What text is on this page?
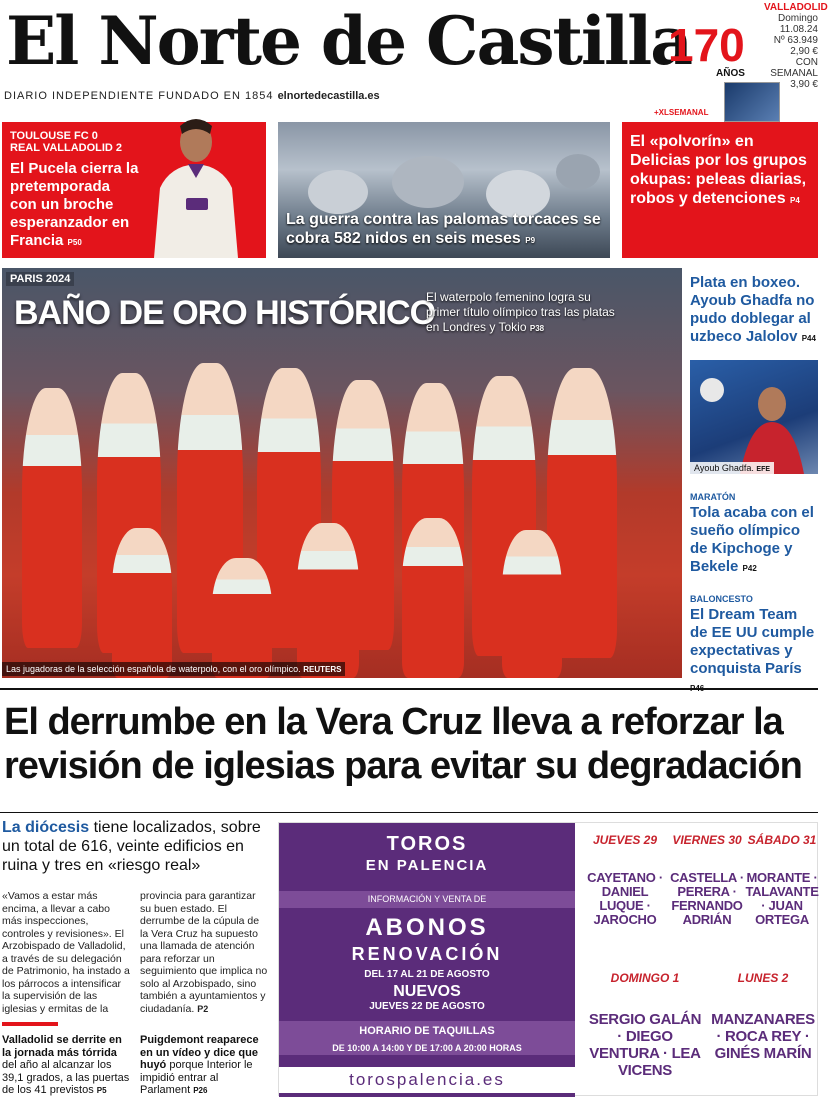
El Norte de Castilla
170
AÑOS
VALLADOLID
Domingo
11.08.24
Nº 63.949
2,90 €
CON SEMANAL 3,90 €
DIARIO INDEPENDIENTE FUNDADO EN 1854 elnortedecastilla.es
+XLSEMANAL
TOULOUSE FC 0 REAL VALLADOLID 2
El Pucela cierra la pretemporada con un broche esperanzador en Francia P50
La guerra contra las palomas torcaces se cobra 582 nidos en seis meses P9
El «polvorín» en Delicias por los grupos okupas: peleas diarias, robos y detenciones P4
PARIS 2024
BAÑO DE ORO HISTÓRICO
El waterpolo femenino logra su primer título olímpico tras las platas en Londres y Tokio P38
Las jugadoras de la selección española de waterpolo, con el oro olímpico. REUTERS
Plata en boxeo. Ayoub Ghadfa no pudo doblegar al uzbeco Jalolov P44
Ayoub Ghadfa. EFE
MARATÓN
Tola acaba con el sueño olímpico de Kipchoge y Bekele P42
BALONCESTO
El Dream Team de EE UU cumple expectativas y conquista París
El derrumbe en la Vera Cruz lleva a reforzar la revisión de iglesias para evitar su degradación
La diócesis tiene localizados, sobre un total de 616, veinte edificios en ruina y tres en «riesgo real»
«Vamos a estar más encima, a llevar a cabo más inspecciones, controles y revisiones». El Arzobispado de Valladolid, a través de su delegación de Patrimonio, ha instado a los párrocos a intensificar la supervisión de las iglesias y ermitas de la
provincia para garantizar su buen estado. El derrumbe de la cúpula de la Vera Cruz ha supuesto una llamada de atención para reforzar un seguimiento que implica no solo al Arzobispado, sino también a ayuntamientos y ciudadanía. P2
Valladolid se derrite en la jornada más tórrida del año al alcanzar los 39,1 grados, a las puertas de los 41 previstos P5
Puigdemont reaparece en un vídeo y dice que huyó porque Interior le impidió entrar al Parlament P26
TOROS
EN PALENCIA
INFORMACIÓN Y VENTA DE
ABONOS
RENOVACIÓN
DEL 17 AL 21 DE AGOSTO
NUEVOS
JUEVES 22 DE AGOSTO
HORARIO DE TAQUILLAS
DE 10:00 A 14:00 Y DE 17:00 A 20:00 HORAS
torospalencia.es
JUEVES 29
CAYETANO · DANIEL LUQUE · JAROCHO
VIERNES 30
CASTELLA · PERERA · FERNANDO ADRIÁN
SÁBADO 31
MORANTE · TALAVANTE · JUAN ORTEGA
DOMINGO 1
SERGIO GALÁN · DIEGO VENTURA · LEA VICENS
LUNES 2
MANZANARES · ROCA REY · GINÉS MARÍN
